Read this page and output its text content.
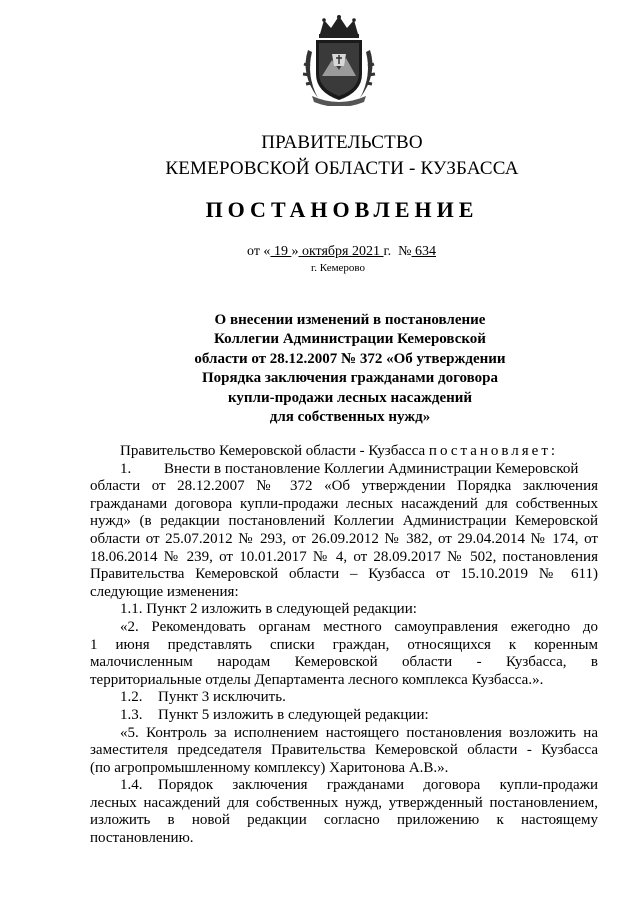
ПРАВИТЕЛЬСТВО
КЕМЕРОВСКОЙ ОБЛАСТИ - КУЗБАССА
ПОСТАНОВЛЕНИЕ
от « 19 » октября 2021 г. № 634
г. Кемерово
О внесении изменений в постановление
Коллегии Администрации Кемеровской
области от 28.12.2007 № 372 «Об утверждении
Порядка заключения гражданами договора
купли-продажи лесных насаждений
для собственных нужд»
Правительство Кемеровской области - Кузбасса постановляет:
1. Внести в постановление Коллегии Администрации Кемеровской
области от 28.12.2007 № 372 «Об утверждении Порядка заключения
гражданами договора купли-продажи лесных насаждений для собственных
нужд» (в редакции постановлений Коллегии Администрации Кемеровской
области от 25.07.2012 № 293, от 26.09.2012 № 382, от 29.04.2014 № 174, от
18.06.2014 № 239, от 10.01.2017 № 4, от 28.09.2017 № 502, постановления
Правительства Кемеровской области – Кузбасса от 15.10.2019 № 611)
следующие изменения:
1.1. Пункт 2 изложить в следующей редакции:
«2. Рекомендовать органам местного самоуправления ежегодно до
1 июня представлять списки граждан, относящихся к коренным
малочисленным народам Кемеровской области - Кузбасса, в
территориальные отделы Департамента лесного комплекса Кузбасса.».
1.2. Пункт 3 исключить.
1.3. Пункт 5 изложить в следующей редакции:
«5. Контроль за исполнением настоящего постановления возложить на
заместителя председателя Правительства Кемеровской области - Кузбасса
(по агропромышленному комплексу) Харитонова А.В.».
1.4. Порядок заключения гражданами договора купли-продажи
лесных насаждений для собственных нужд, утвержденный постановлением,
изложить в новой редакции согласно приложению к настоящему
постановлению.
